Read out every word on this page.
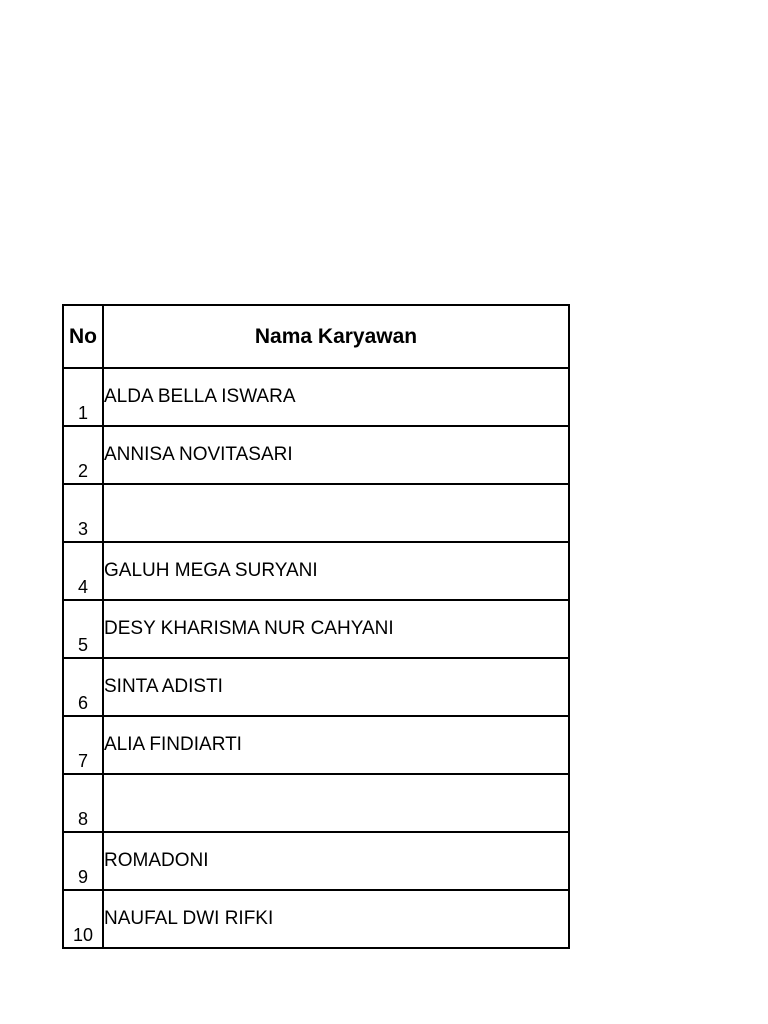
No	Nama Karyawan
1	ALDA BELLA ISWARA
2	ANNISA NOVITASARI
3	
4	GALUH MEGA SURYANI
5	DESY KHARISMA NUR CAHYANI
6	SINTA ADISTI
7	ALIA FINDIARTI
8	
9	ROMADONI
10	NAUFAL DWI RIFKI
